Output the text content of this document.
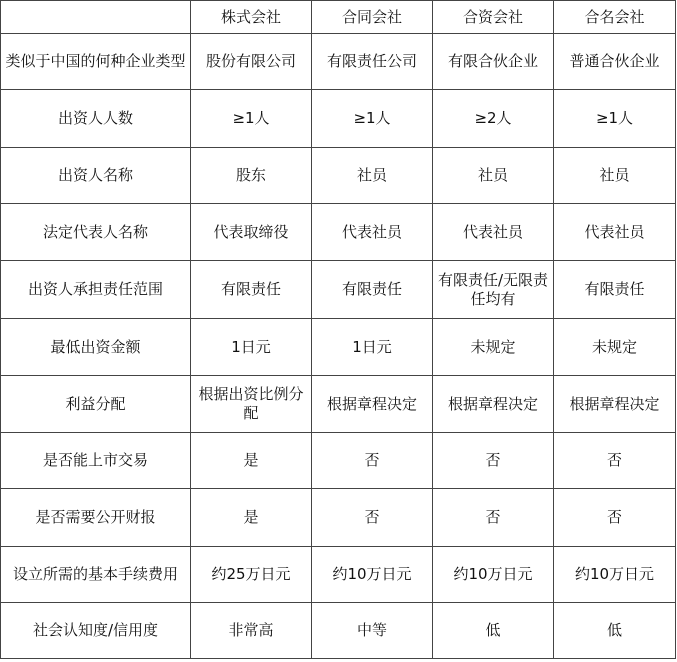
	株式会社	合同会社	合资会社	合名会社
类似于中国的何种企业类型	股份有限公司	有限责任公司	有限合伙企业	普通合伙企业
出资人人数	≥1人	≥1人	≥2人	≥1人
出资人名称	股东	社员	社员	社员
法定代表人名称	代表取缔役	代表社员	代表社员	代表社员
出资人承担责任范围	有限责任	有限责任	有限责任/无限责任均有	有限责任
最低出资金额	1日元	1日元	未规定	未规定
利益分配	根据出资比例分配	根据章程决定	根据章程决定	根据章程决定
是否能上市交易	是	否	否	否
是否需要公开财报	是	否	否	否
设立所需的基本手续费用	约25万日元	约10万日元	约10万日元	约10万日元
社会认知度/信用度	非常高	中等	低	低
